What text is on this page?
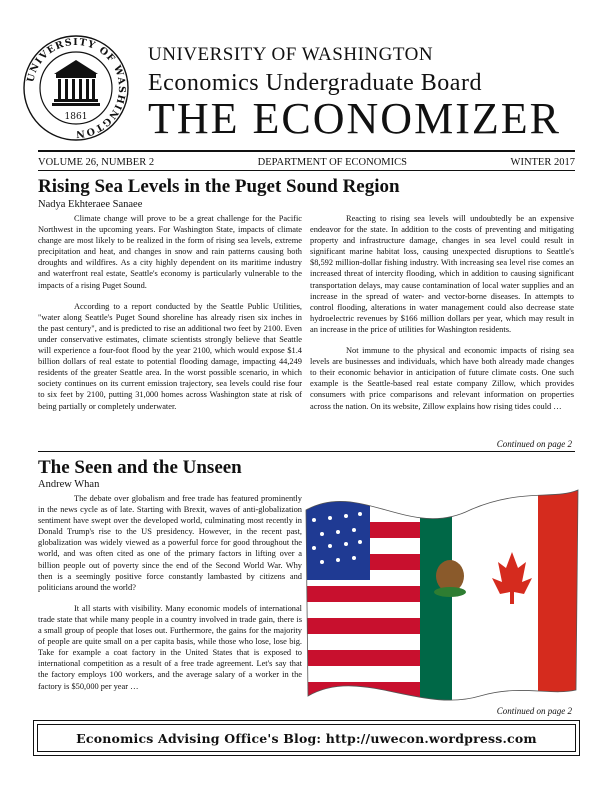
UNIVERSITY OF WASHINGTON
1861
UNIVERSITY OF WASHINGTON
Economics Undergraduate Board
THE ECONOMIZER
VOLUME 26, NUMBER 2	DEPARTMENT OF ECONOMICS	WINTER 2017
Rising Sea Levels in the Puget Sound Region
Nadya Ekhteraee Sanaee

Climate change will prove to be a great challenge for the Pacific Northwest in the upcoming years. For Washington State, impacts of climate change are most likely to be realized in the form of rising sea levels, extreme precipitation and heat, and changes in snow and rain patterns causing both droughts and wildfires. As a city highly dependent on its maritime industry and waterfront real estate, Seattle's economy is particularly vulnerable to the impacts of a rising Puget Sound.

According to a report conducted by the Seattle Public Utilities, "water along Seattle's Puget Sound shoreline has already risen six inches in the past century", and is predicted to rise an additional two feet by 2100. Even under conservative estimates, climate scientists strongly believe that Seattle will experience a four-foot flood by the year 2100, which would expose $1.4 billion dollars of real estate to potential flooding damage, impacting 44,249 residents of the greater Seattle area. In the worst possible scenario, in which society continues on its current emission trajectory, sea levels could rise four to six feet by 2100, putting 31,000 homes across Washington state at risk of being partially or completely underwater.

Reacting to rising sea levels will undoubtedly be an expensive endeavor for the state. In addition to the costs of preventing and mitigating property and infrastructure damage, changes in sea level could result in significant marine habitat loss, causing unexpected disruptions to Seattle's $8,592 million-dollar fishing industry. With increasing sea level rise comes an increased threat of intercity flooding, which in addition to causing significant transportation delays, may cause contamination of local water supplies and an increase in the spread of water- and vector-borne diseases. In attempts to control flooding, alterations in water management could also decrease state hydroelectric revenues by $166 million dollars per year, which may result in an increase in the price of utilities for Washington residents.

Not immune to the physical and economic impacts of rising sea levels are businesses and individuals, which have both already made changes to their economic behavior in anticipation of future climate costs. One such example is the Seattle-based real estate company Zillow, which provides consumers with price comparisons and relevant information on properties across the nation. On its website, Zillow explains how rising tides could …

Continued on page 2
The Seen and the Unseen
Andrew Whan

The debate over globalism and free trade has featured prominently in the news cycle as of late. Starting with Brexit, waves of anti-globalization sentiment have swept over the developed world, culminating most recently in Donald Trump's rise to the US presidency. However, in the recent past, globalization was widely viewed as a powerful force for good throughout the world, and was often cited as one of the primary factors in lifting over a billion people out of poverty since the end of the Second World War. Why then is a seemingly positive force constantly lambasted by citizens and politicians around the world?

It all starts with visibility. Many economic models of international trade state that while many people in a country involved in trade gain, there is a small group of people that loses out. Furthermore, the gains for the majority of people are quite small on a per capita basis, while those who lose, lose big. Take for example a coat factory in the United States that is exposed to international competition as a result of a free trade agreement. Let's say that the factory employs 100 workers, and the average salary of a worker in the factory is $50,000 per year …

Continued on page 2
Economics Advising Office's Blog: http://uwecon.wordpress.com
